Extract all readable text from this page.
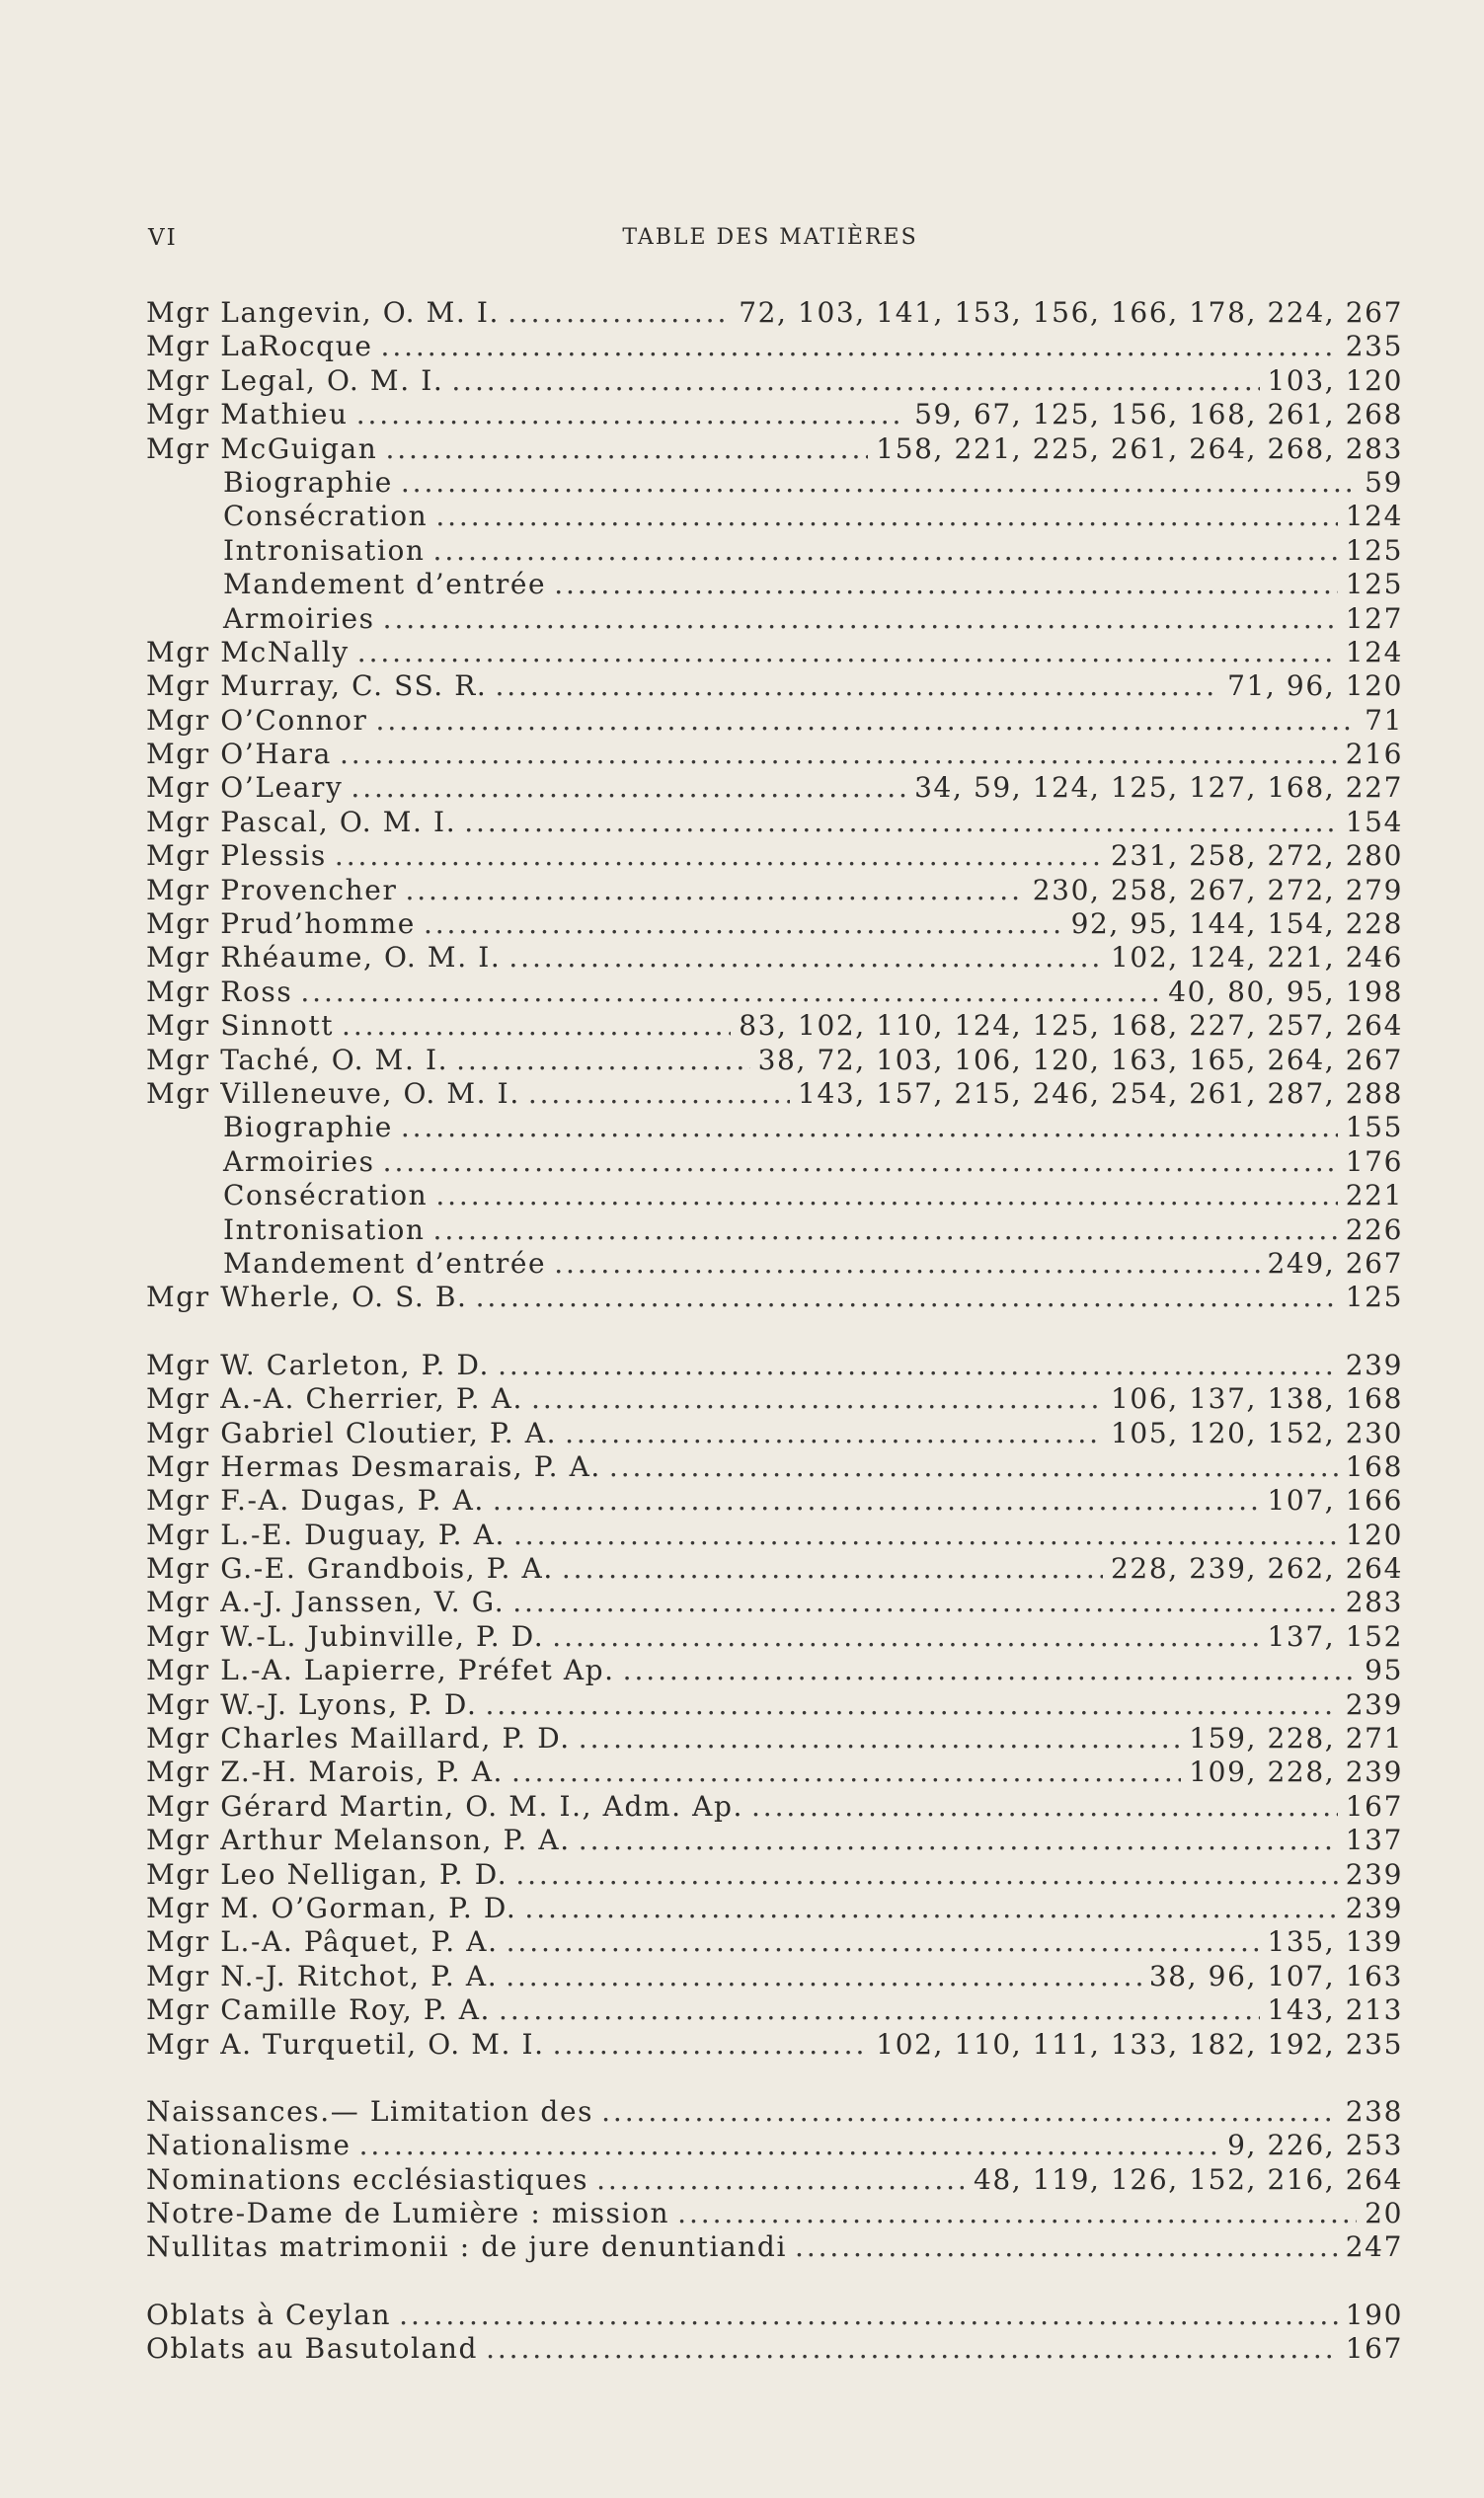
VI	TABLE DES MATIÈRES
Mgr Langevin, O. M. I. . . .	72, 103, 141, 153, 156, 166, 178, 224, 267
Mgr LaRocque . . .	235
Mgr Legal, O. M. I. . . .	103, 120
Mgr Mathieu . . .	59, 67, 125, 156, 168, 261, 268
Mgr McGuigan . . .	158, 221, 225, 261, 264, 268, 283
Biographie . . .	59
Consécration . . .	124
Intronisation . . .	125
Mandement d’entrée . . .	125
Armoiries . . .	127
Mgr McNally . . .	124
Mgr Murray, C. SS. R. . . .	71, 96, 120
Mgr O’Connor . . .	71
Mgr O’Hara . . .	216
Mgr O’Leary . . .	34, 59, 124, 125, 127, 168, 227
Mgr Pascal, O. M. I. . . .	154
Mgr Plessis . . .	231, 258, 272, 280
Mgr Provencher . . .	230, 258, 267, 272, 279
Mgr Prud’homme . . .	92, 95, 144, 154, 228
Mgr Rhéaume, O. M. I. . . .	102, 124, 221, 246
Mgr Ross . . .	40, 80, 95, 198
Mgr Sinnott . . .	83, 102, 110, 124, 125, 168, 227, 257, 264
Mgr Taché, O. M. I. . . .	38, 72, 103, 106, 120, 163, 165, 264, 267
Mgr Villeneuve, O. M. I. . . .	143, 157, 215, 246, 254, 261, 287, 288
Biographie . . .	155
Armoiries . . .	176
Consécration . . .	221
Intronisation . . .	226
Mandement d’entrée . . .	249, 267
Mgr Wherle, O. S. B. . . .	125
Mgr W. Carleton, P. D. . . .	239
Mgr A.-A. Cherrier, P. A. . . .	106, 137, 138, 168
Mgr Gabriel Cloutier, P. A. . . .	105, 120, 152, 230
Mgr Hermas Desmarais, P. A. . . .	168
Mgr F.-A. Dugas, P. A. . . .	107, 166
Mgr L.-E. Duguay, P. A. . . .	120
Mgr G.-E. Grandbois, P. A. . . .	228, 239, 262, 264
Mgr A.-J. Janssen, V. G. . . .	283
Mgr W.-L. Jubinville, P. D. . . .	137, 152
Mgr L.-A. Lapierre, Préfet Ap. . . .	95
Mgr W.-J. Lyons, P. D. . . .	239
Mgr Charles Maillard, P. D. . . .	159, 228, 271
Mgr Z.-H. Marois, P. A. . . .	109, 228, 239
Mgr Gérard Martin, O. M. I., Adm. Ap. . . .	167
Mgr Arthur Melanson, P. A. . . .	137
Mgr Leo Nelligan, P. D. . . .	239
Mgr M. O’Gorman, P. D. . . .	239
Mgr L.-A. Pâquet, P. A. . . .	135, 139
Mgr N.-J. Ritchot, P. A. . . .	38, 96, 107, 163
Mgr Camille Roy, P. A. . . .	143, 213
Mgr A. Turquetil, O. M. I. . . .	102, 110, 111, 133, 182, 192, 235
Naissances.— Limitation des . . .	238
Nationalisme . . .	9, 226, 253
Nominations ecclésiastiques . . .	48, 119, 126, 152, 216, 264
Notre-Dame de Lumière : mission . . .	20
Nullitas matrimonii : de jure denuntiandi . . .	247
Oblats à Ceylan . . .	190
Oblats au Basutoland . . .	167
